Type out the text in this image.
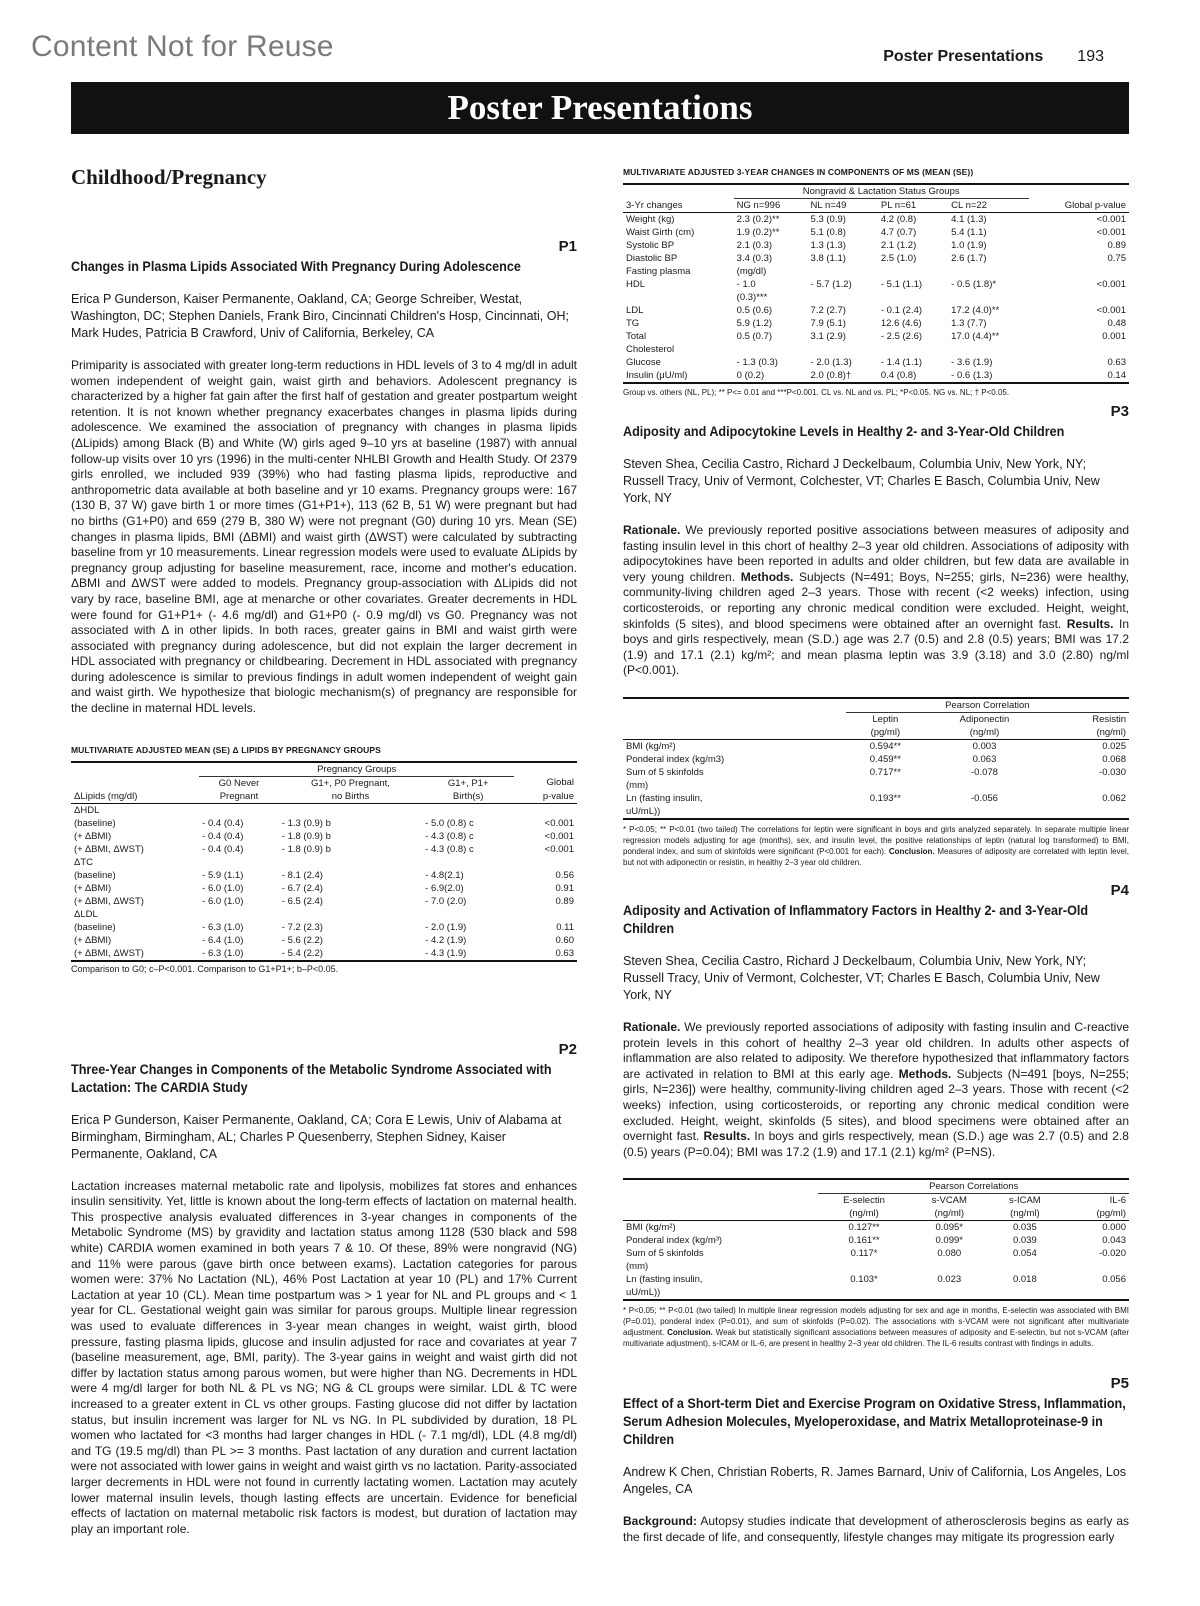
Content Not for Reuse	Poster Presentations 193
Poster Presentations
Childhood/Pregnancy

P1

Changes in Plasma Lipids Associated With Pregnancy During Adolescence

Erica P Gunderson, Kaiser Permanente, Oakland, CA; George Schreiber, Westat, Washington, DC; Stephen Daniels, Frank Biro, Cincinnati Children's Hosp, Cincinnati, OH; Mark Hudes, Patricia B Crawford, Univ of California, Berkeley, CA

Primiparity is associated with greater long-term reductions in HDL levels of 3 to 4 mg/dl in adult women independent of weight gain, waist girth and behaviors. Adolescent pregnancy is characterized by a higher fat gain after the first half of gestation and greater postpartum weight retention. It is not known whether pregnancy exacerbates changes in plasma lipids during adolescence. We examined the association of pregnancy with changes in plasma lipids (ΔLipids) among Black (B) and White (W) girls aged 9–10 yrs at baseline (1987) with annual follow-up visits over 10 yrs (1996) in the multi-center NHLBI Growth and Health Study. Of 2379 girls enrolled, we included 939 (39%) who had fasting plasma lipids, reproductive and anthropometric data available at both baseline and yr 10 exams. Pregnancy groups were: 167 (130 B, 37 W) gave birth 1 or more times (G1+P1+), 113 (62 B, 51 W) were pregnant but had no births (G1+P0) and 659 (279 B, 380 W) were not pregnant (G0) during 10 yrs. Mean (SE) changes in plasma lipids, BMI (ΔBMI) and waist girth (ΔWST) were calculated by subtracting baseline from yr 10 measurements. Linear regression models were used to evaluate ΔLipids by pregnancy group adjusting for baseline measurement, race, income and mother's education. ΔBMI and ΔWST were added to models. Pregnancy group-association with ΔLipids did not vary by race, baseline BMI, age at menarche or other covariates. Greater decrements in HDL were found for G1+P1+ (- 4.6 mg/dl) and G1+P0 (- 0.9 mg/dl) vs G0. Pregnancy was not associated with Δ in other lipids. In both races, greater gains in BMI and waist girth were associated with pregnancy during adolescence, but did not explain the larger decrement in HDL associated with pregnancy or childbearing. Decrement in HDL associated with pregnancy during adolescence is similar to previous findings in adult women independent of weight gain and waist girth. We hypothesize that biologic mechanism(s) of pregnancy are responsible for the decline in maternal HDL levels.

MULTIVARIATE ADJUSTED MEAN (SE) Δ LIPIDS BY PREGNANCY GROUPS

	Pregnancy Groups			
	G0 Never	G1+, P0 Pregnant,	G1+, P1+	Global
ΔLipids (mg/dl)	Pregnant	no Births	Birth(s)	p-value
ΔHDL				
(baseline)	- 0.4 (0.4)	- 1.3 (0.9) b	- 5.0 (0.8) c	<0.001
(+ ΔBMI)	- 0.4 (0.4)	- 1.8 (0.9) b	- 4.3 (0.8) c	<0.001
(+ ΔBMI, ΔWST)	- 0.4 (0.4)	- 1.8 (0.9) b	- 4.3 (0.8) c	<0.001
ΔTC				
(baseline)	- 5.9 (1.1)	- 8.1 (2.4)	- 4.8(2.1)	0.56
(+ ΔBMI)	- 6.0 (1.0)	- 6.7 (2.4)	- 6.9(2.0)	0.91
(+ ΔBMI, ΔWST)	- 6.0 (1.0)	- 6.5 (2.4)	- 7.0 (2.0)	0.89
ΔLDL				
(baseline)	- 6.3 (1.0)	- 7.2 (2.3)	- 2.0 (1.9)	0.11
(+ ΔBMI)	- 6.4 (1.0)	- 5.6 (2.2)	- 4.2 (1.9)	0.60
(+ ΔBMI, ΔWST)	- 6.3 (1.0)	- 5.4 (2.2)	- 4.3 (1.9)	0.63

Comparison to G0; c–P<0.001. Comparison to G1+P1+; b–P<0.05.

P2

Three-Year Changes in Components of the Metabolic Syndrome Associated with Lactation: The CARDIA Study

Erica P Gunderson, Kaiser Permanente, Oakland, CA; Cora E Lewis, Univ of Alabama at Birmingham, Birmingham, AL; Charles P Quesenberry, Stephen Sidney, Kaiser Permanente, Oakland, CA

Lactation increases maternal metabolic rate and lipolysis, mobilizes fat stores and enhances insulin sensitivity. Yet, little is known about the long-term effects of lactation on maternal health. This prospective analysis evaluated differences in 3-year changes in components of the Metabolic Syndrome (MS) by gravidity and lactation status among 1128 (530 black and 598 white) CARDIA women examined in both years 7 & 10. Of these, 89% were nongravid (NG) and 11% were parous (gave birth once between exams). Lactation categories for parous women were: 37% No Lactation (NL), 46% Post Lactation at year 10 (PL) and 17% Current Lactation at year 10 (CL). Mean time postpartum was > 1 year for NL and PL groups and < 1 year for CL. Gestational weight gain was similar for parous groups. Multiple linear regression was used to evaluate differences in 3-year mean changes in weight, waist girth, blood pressure, fasting plasma lipids, glucose and insulin adjusted for race and covariates at year 7 (baseline measurement, age, BMI, parity). The 3-year gains in weight and waist girth did not differ by lactation status among parous women, but were higher than NG. Decrements in HDL were 4 mg/dl larger for both NL & PL vs NG; NG & CL groups were similar. LDL & TC were increased to a greater extent in CL vs other groups. Fasting glucose did not differ by lactation status, but insulin increment was larger for NL vs NG. In PL subdivided by duration, 18 PL women who lactated for <3 months had larger changes in HDL (- 7.1 mg/dl), LDL (4.8 mg/dl) and TG (19.5 mg/dl) than PL >= 3 months. Past lactation of any duration and current lactation were not associated with lower gains in weight and waist girth vs no lactation. Parity-associated larger decrements in HDL were not found in currently lactating women. Lactation may acutely lower maternal insulin levels, though lasting effects are uncertain. Evidence for beneficial effects of lactation on maternal metabolic risk factors is modest, but duration of lactation may play an important role.

MULTIVARIATE ADJUSTED 3-YEAR CHANGES IN COMPONENTS OF MS (MEAN (SE))

	Nongravid & Lactation Status Groups				
3-Yr changes	NG n=996	NL n=49	PL n=61	CL n=22	Global p-value
Weight (kg)	2.3 (0.2)**	5.3 (0.9)	4.2 (0.8)	4.1 (1.3)	<0.001
Waist Girth (cm)	1.9 (0.2)**	5.1 (0.8)	4.7 (0.7)	5.4 (1.1)	<0.001
Systolic BP	2.1 (0.3)	1.3 (1.3)	2.1 (1.2)	1.0 (1.9)	0.89
Diastolic BP	3.4 (0.3)	3.8 (1.1)	2.5 (1.0)	2.6 (1.7)	0.75
Fasting plasma	(mg/dl)				
HDL	- 1.0	- 5.7 (1.2)	- 5.1 (1.1)	- 0.5 (1.8)*	<0.001
	(0.3)***				
LDL	0.5 (0.6)	7.2 (2.7)	- 0.1 (2.4)	17.2 (4.0)**	<0.001
TG	5.9 (1.2)	7.9 (5.1)	12.6 (4.6)	1.3 (7.7)	0.48
Total	0.5 (0.7)	3.1 (2.9)	- 2.5 (2.6)	17.0 (4.4)**	0.001
Cholesterol					
Glucose	- 1.3 (0.3)	- 2.0 (1.3)	- 1.4 (1.1)	- 3.6 (1.9)	0.63
Insulin (μU/ml)	0 (0.2)	2.0 (0.8)†	0.4 (0.8)	- 0.6 (1.3)	0.14

Group vs. others (NL, PL); ** P<= 0.01 and ***P<0.001. CL vs. NL and vs. PL; *P<0.05. NG vs. NL; † P<0.05.

P3

Adiposity and Adipocytokine Levels in Healthy 2- and 3-Year-Old Children

Steven Shea, Cecilia Castro, Richard J Deckelbaum, Columbia Univ, New York, NY; Russell Tracy, Univ of Vermont, Colchester, VT; Charles E Basch, Columbia Univ, New York, NY

Rationale. We previously reported positive associations between measures of adiposity and fasting insulin level in this chort of healthy 2–3 year old children. Associations of adiposity with adipocytokines have been reported in adults and older children, but few data are available in very young children. Methods. Subjects (N=491; Boys, N=255; girls, N=236) were healthy, community-living children aged 2–3 years. Those with recent (<2 weeks) infection, using corticosteroids, or reporting any chronic medical condition were excluded. Height, weight, skinfolds (5 sites), and blood specimens were obtained after an overnight fast. Results. In boys and girls respectively, mean (S.D.) age was 2.7 (0.5) and 2.8 (0.5) years; BMI was 17.2 (1.9) and 17.1 (2.1) kg/m²; and mean plasma leptin was 3.9 (3.18) and 3.0 (2.80) ng/ml (P<0.001).

	Pearson Correlation		
	Leptin	Adiponectin	Resistin
	(pg/ml)	(ng/ml)	(ng/ml)
BMI (kg/m²)	0.594**	0.003	0.025
Ponderal index (kg/m3)	0.459**	0.063	0.068
Sum of 5 skinfolds	0.717**	-0.078	-0.030
(mm)			
Ln (fasting insulin,	0.193**	-0.056	0.062
uU/mL))			

* P<0.05; ** P<0.01 (two tailed) The correlations for leptin were significant in boys and girls analyzed separately. In separate multiple linear regression models adjusting for age (months), sex, and insulin level, the positive relationships of leptin (natural log transformed) to BMI, ponderal index, and sum of skinfolds were significant (P<0.001 for each). Conclusion. Measures of adiposity are correlated with leptin level, but not with adiponectin or resistin, in healthy 2–3 year old children.

P4

Adiposity and Activation of Inflammatory Factors in Healthy 2- and 3-Year-Old Children

Steven Shea, Cecilia Castro, Richard J Deckelbaum, Columbia Univ, New York, NY; Russell Tracy, Univ of Vermont, Colchester, VT; Charles E Basch, Columbia Univ, New York, NY

Rationale. We previously reported associations of adiposity with fasting insulin and C-reactive protein levels in this cohort of healthy 2–3 year old children. In adults other aspects of inflammation are also related to adiposity. We therefore hypothesized that inflammatory factors are activated in relation to BMI at this early age. Methods. Subjects (N=491 [boys, N=255; girls, N=236]) were healthy, community-living children aged 2–3 years. Those with recent (<2 weeks) infection, using corticosteroids, or reporting any chronic medical condition were excluded. Height, weight, skinfolds (5 sites), and blood specimens were obtained after an overnight fast. Results. In boys and girls respectively, mean (S.D.) age was 2.7 (0.5) and 2.8 (0.5) years (P=0.04); BMI was 17.2 (1.9) and 17.1 (2.1) kg/m² (P=NS).

	Pearson Correlations			
	E-selectin	s-VCAM	s-ICAM	IL-6
	(ng/ml)	(ng/ml)	(ng/ml)	(pg/ml)
BMI (kg/m²)	0.127**	0.095*	0.035	0.000
Ponderal index (kg/m³)	0.161**	0.099*	0.039	0.043
Sum of 5 skinfolds	0.117*	0.080	0.054	-0.020
(mm)				
Ln (fasting insulin,	0.103*	0.023	0.018	0.056
uU/mL))				

* P<0.05; ** P<0.01 (two tailed) In multiple linear regression models adjusting for sex and age in months, E-selectin was associated with BMI (P=0.01), ponderal index (P=0.01), and sum of skinfolds (P=0.02). The associations with s-VCAM were not significant after multivariate adjustment. Conclusion. Weak but statistically significant associations between measures of adiposity and E-selectin, but not s-VCAM (after multivariate adjustment), s-ICAM or IL-6, are present in healthy 2–3 year old children. The IL-6 results contrast with findings in adults.

P5

Effect of a Short-term Diet and Exercise Program on Oxidative Stress, Inflammation, Serum Adhesion Molecules, Myeloperoxidase, and Matrix Metalloproteinase-9 in Children

Andrew K Chen, Christian Roberts, R. James Barnard, Univ of California, Los Angeles, Los Angeles, CA

Background: Autopsy studies indicate that development of atherosclerosis begins as early as the first decade of life, and consequently, lifestyle changes may mitigate its progression early
